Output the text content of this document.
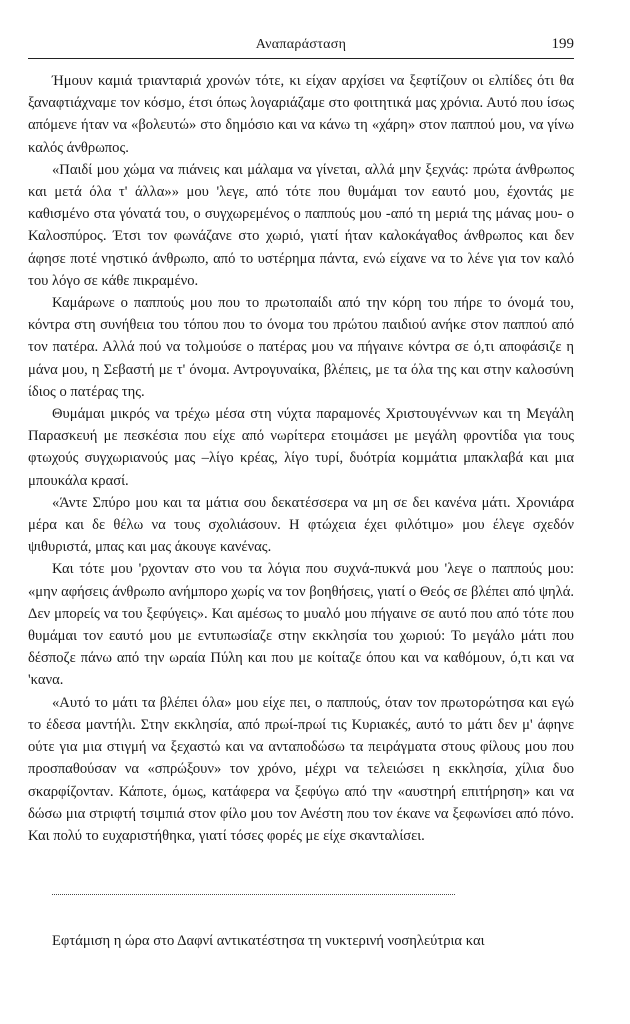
Αναπαράσταση	199

Ήμουν καμιά τριανταριά χρονών τότε, κι είχαν αρχίσει να ξεφτίζουν οι ελπίδες ότι θα ξαναφτιάχναμε τον κόσμο, έτσι όπως λογαριάζαμε στο φοιτητικά μας χρόνια. Αυτό που ίσως απόμενε ήταν να «βολευτώ» στο δημόσιο και να κάνω τη «χάρη» στον παππού μου, να γίνω καλός άνθρωπος.

«Παιδί μου χώμα να πιάνεις και μάλαμα να γίνεται, αλλά μην ξεχνάς: πρώτα άνθρωπος και μετά όλα τ' άλλα»» μου 'λεγε, από τότε που θυμάμαι τον εαυτό μου, έχοντάς με καθισμένο στα γόνατά του, ο συγχωρεμένος ο παππούς μου -από τη μεριά της μάνας μου- ο Καλοσπύρος. Έτσι τον φωνάζανε στο χωριό, γιατί ήταν καλοκάγαθος άνθρωπος και δεν άφησε ποτέ νηστικό άνθρωπο, από το υστέρημα πάντα, ενώ είχανε να το λένε για τον καλό του λόγο σε κάθε πικραμένο.

Καμάρωνε ο παππούς μου που το πρωτοπαίδι από την κόρη του πήρε το όνομά του, κόντρα στη συνήθεια του τόπου που το όνομα του πρώτου παιδιού ανήκε στον παππού από τον πατέρα. Αλλά πού να τολμούσε ο πατέρας μου να πήγαινε κόντρα σε ό,τι αποφάσιζε η μάνα μου, η Σεβαστή με τ' όνομα. Αντρογυναίκα, βλέπεις, με τα όλα της και στην καλοσύνη ίδιος ο πατέρας της.

Θυμάμαι μικρός να τρέχω μέσα στη νύχτα παραμονές Χριστουγέννων και τη Μεγάλη Παρασκευή με πεσκέσια που είχε από νωρίτερα ετοιμάσει με μεγάλη φροντίδα για τους φτωχούς συγχωριανούς μας –λίγο κρέας, λίγο τυρί, δυότρία κομμάτια μπακλαβά και μια μπουκάλα κρασί.

«Άντε Σπύρο μου και τα μάτια σου δεκατέσσερα να μη σε δει κανένα μάτι. Χρονιάρα μέρα και δε θέλω να τους σχολιάσουν. Η φτώχεια έχει φιλότιμο» μου έλεγε σχεδόν ψιθυριστά, μπας και μας άκουγε κανένας.

Και τότε μου 'ρχονταν στο νου τα λόγια που συχνά-πυκνά μου 'λεγε ο παππούς μου: «μην αφήσεις άνθρωπο ανήμπορο χωρίς να τον βοηθήσεις, γιατί ο Θεός σε βλέπει από ψηλά. Δεν μπορείς να του ξεφύγεις». Και αμέσως το μυαλό μου πήγαινε σε αυτό που από τότε που θυμάμαι τον εαυτό μου με εντυπωσίαζε στην εκκλησία του χωριού: Το μεγάλο μάτι που δέσποζε πάνω από την ωραία Πύλη και που με κοίταζε όπου και να καθόμουν, ό,τι και να 'κανα.

«Αυτό το μάτι τα βλέπει όλα» μου είχε πει, ο παππούς, όταν τον πρωτορώτησα και εγώ το έδεσα μαντήλι. Στην εκκλησία, από πρωί-πρωί τις Κυριακές, αυτό το μάτι δεν μ' άφηνε ούτε για μια στιγμή να ξεχαστώ και να ανταποδώσω τα πειράγματα στους φίλους μου που προσπαθούσαν να «σπρώξουν» τον χρόνο, μέχρι να τελειώσει η εκκλησία, χίλια δυο σκαρφίζονταν. Κάποτε, όμως, κατάφερα να ξεφύγω από την «αυστηρή επιτήρηση» και να δώσω μια στριφτή τσιμπιά στον φίλο μου τον Ανέστη που τον έκανε να ξεφωνίσει από πόνο. Και πολύ το ευχαριστήθηκα, γιατί τόσες φορές με είχε σκανταλίσει.

Εφτάμιση η ώρα στο Δαφνί αντικατέστησα τη νυκτερινή νοσηλεύτρια και
